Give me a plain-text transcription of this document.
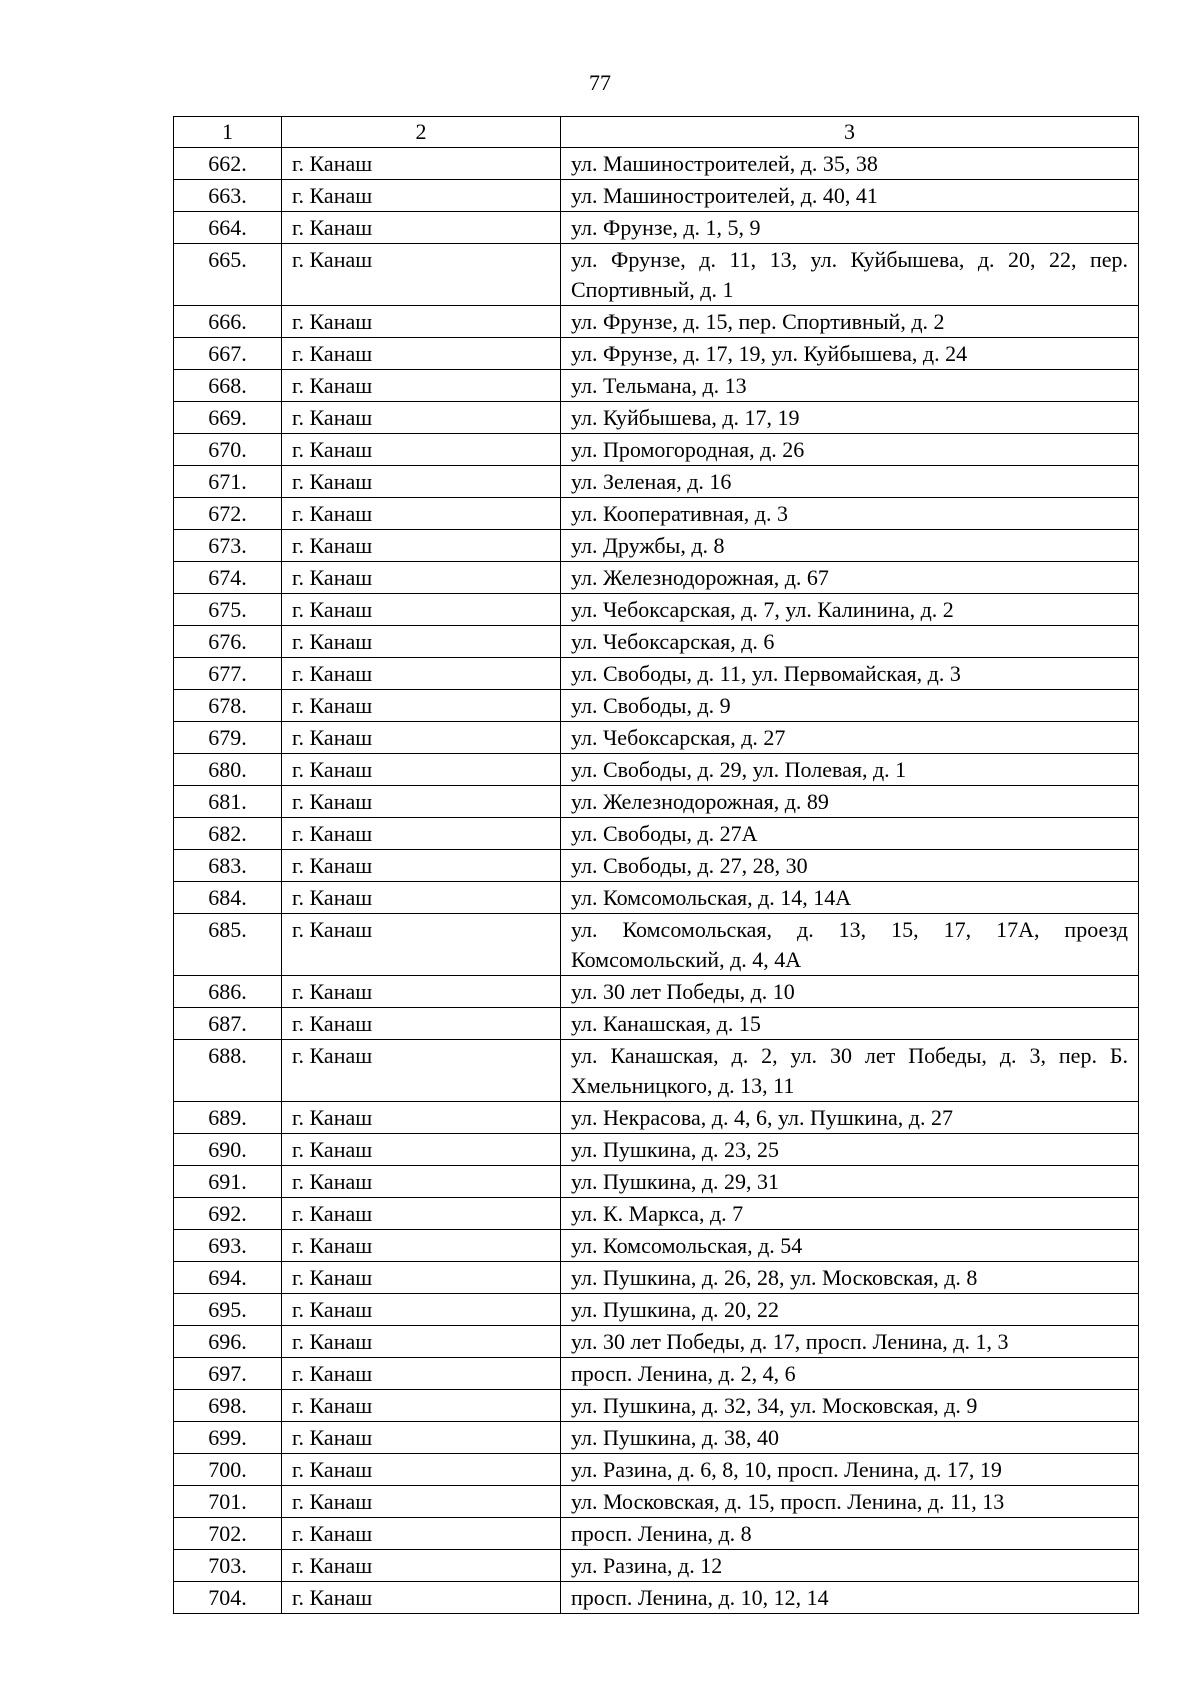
77
1	2	3
662.	г. Канаш	ул. Машиностроителей, д. 35, 38
663.	г. Канаш	ул. Машиностроителей, д. 40, 41
664.	г. Канаш	ул. Фрунзе, д. 1, 5, 9
665.	г. Канаш	ул. Фрунзе, д. 11, 13, ул. Куйбышева, д. 20, 22, пер. Спортивный, д. 1
666.	г. Канаш	ул. Фрунзе, д. 15, пер. Спортивный, д. 2
667.	г. Канаш	ул. Фрунзе, д. 17, 19, ул. Куйбышева, д. 24
668.	г. Канаш	ул. Тельмана, д. 13
669.	г. Канаш	ул. Куйбышева, д. 17, 19
670.	г. Канаш	ул. Промогородная, д. 26
671.	г. Канаш	ул. Зеленая, д. 16
672.	г. Канаш	ул. Кооперативная, д. 3
673.	г. Канаш	ул. Дружбы, д. 8
674.	г. Канаш	ул. Железнодорожная, д. 67
675.	г. Канаш	ул. Чебоксарская, д. 7, ул. Калинина, д. 2
676.	г. Канаш	ул. Чебоксарская, д. 6
677.	г. Канаш	ул. Свободы, д. 11, ул. Первомайская, д. 3
678.	г. Канаш	ул. Свободы, д. 9
679.	г. Канаш	ул. Чебоксарская, д. 27
680.	г. Канаш	ул. Свободы, д. 29, ул. Полевая, д. 1
681.	г. Канаш	ул. Железнодорожная, д. 89
682.	г. Канаш	ул. Свободы, д. 27А
683.	г. Канаш	ул. Свободы, д. 27, 28, 30
684.	г. Канаш	ул. Комсомольская, д. 14, 14А
685.	г. Канаш	ул. Комсомольская, д. 13, 15, 17, 17А, проезд Комсомольский, д. 4, 4А
686.	г. Канаш	ул. 30 лет Победы, д. 10
687.	г. Канаш	ул. Канашская, д. 15
688.	г. Канаш	ул. Канашская, д. 2, ул. 30 лет Победы, д. 3, пер. Б. Хмельницкого, д. 13, 11
689.	г. Канаш	ул. Некрасова, д. 4, 6, ул. Пушкина, д. 27
690.	г. Канаш	ул. Пушкина, д. 23, 25
691.	г. Канаш	ул. Пушкина, д. 29, 31
692.	г. Канаш	ул. К. Маркса, д. 7
693.	г. Канаш	ул. Комсомольская, д. 54
694.	г. Канаш	ул. Пушкина, д. 26, 28, ул. Московская, д. 8
695.	г. Канаш	ул. Пушкина, д. 20, 22
696.	г. Канаш	ул. 30 лет Победы, д. 17, просп. Ленина, д. 1, 3
697.	г. Канаш	просп. Ленина, д. 2, 4, 6
698.	г. Канаш	ул. Пушкина, д. 32, 34, ул. Московская, д. 9
699.	г. Канаш	ул. Пушкина, д. 38, 40
700.	г. Канаш	ул. Разина, д. 6, 8, 10, просп. Ленина, д. 17, 19
701.	г. Канаш	ул. Московская, д. 15, просп. Ленина, д. 11, 13
702.	г. Канаш	просп. Ленина, д. 8
703.	г. Канаш	ул. Разина, д. 12
704.	г. Канаш	просп. Ленина, д. 10, 12, 14
